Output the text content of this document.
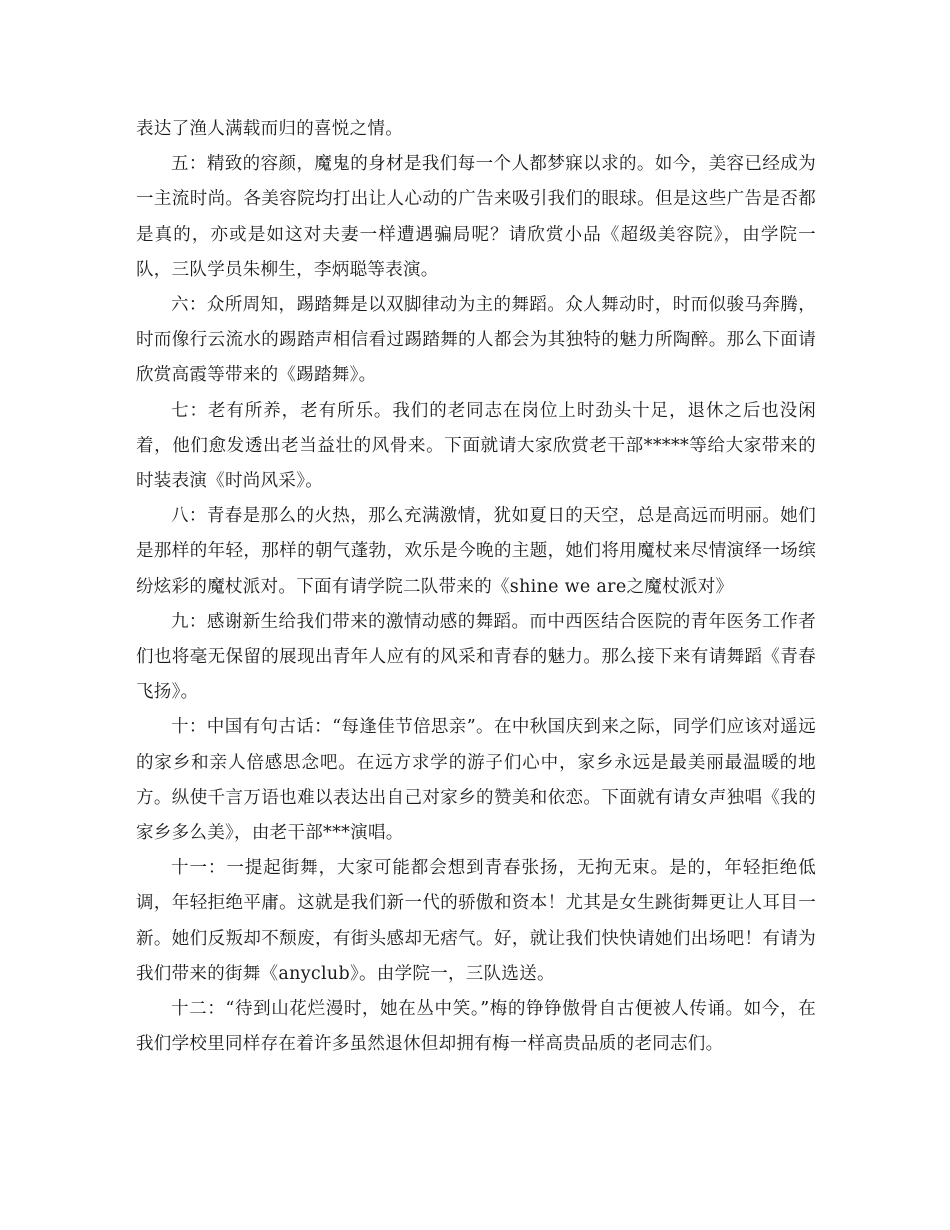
表达了渔人满载而归的喜悦之情。

五：精致的容颜，魔鬼的身材是我们每一个人都梦寐以求的。如今，美容已经成为一主流时尚。各美容院均打出让人心动的广告来吸引我们的眼球。但是这些广告是否都是真的，亦或是如这对夫妻一样遭遇骗局呢？请欣赏小品《超级美容院》，由学院一队，三队学员朱柳生，李炳聪等表演。

六：众所周知，踢踏舞是以双脚律动为主的舞蹈。众人舞动时，时而似骏马奔腾，时而像行云流水的踢踏声相信看过踢踏舞的人都会为其独特的魅力所陶醉。那么下面请欣赏高霞等带来的《踢踏舞》。

七：老有所养，老有所乐。我们的老同志在岗位上时劲头十足，退休之后也没闲着，他们愈发透出老当益壮的风骨来。下面就请大家欣赏老干部*****等给大家带来的时装表演《时尚风采》。

八：青春是那么的火热，那么充满激情，犹如夏日的天空，总是高远而明丽。她们是那样的年轻，那样的朝气蓬勃，欢乐是今晚的主题，她们将用魔杖来尽情演绎一场缤纷炫彩的魔杖派对。下面有请学院二队带来的《shine we are之魔杖派对》

九：感谢新生给我们带来的激情动感的舞蹈。而中西医结合医院的青年医务工作者们也将毫无保留的展现出青年人应有的风采和青春的魅力。那么接下来有请舞蹈《青春飞扬》。

十：中国有句古话：“每逢佳节倍思亲”。在中秋国庆到来之际，同学们应该对遥远的家乡和亲人倍感思念吧。在远方求学的游子们心中，家乡永远是最美丽最温暖的地方。纵使千言万语也难以表达出自己对家乡的赞美和依恋。下面就有请女声独唱《我的家乡多么美》，由老干部***演唱。

十一：一提起街舞，大家可能都会想到青春张扬，无拘无束。是的，年轻拒绝低调，年轻拒绝平庸。这就是我们新一代的骄傲和资本！尤其是女生跳街舞更让人耳目一新。她们反叛却不颓废，有街头感却无痞气。好，就让我们快快请她们出场吧！有请为我们带来的街舞《anyclub》。由学院一，三队选送。

十二：“待到山花烂漫时，她在丛中笑。”梅的铮铮傲骨自古便被人传诵。如今，在我们学校里同样存在着许多虽然退休但却拥有梅一样高贵品质的老同志们。
